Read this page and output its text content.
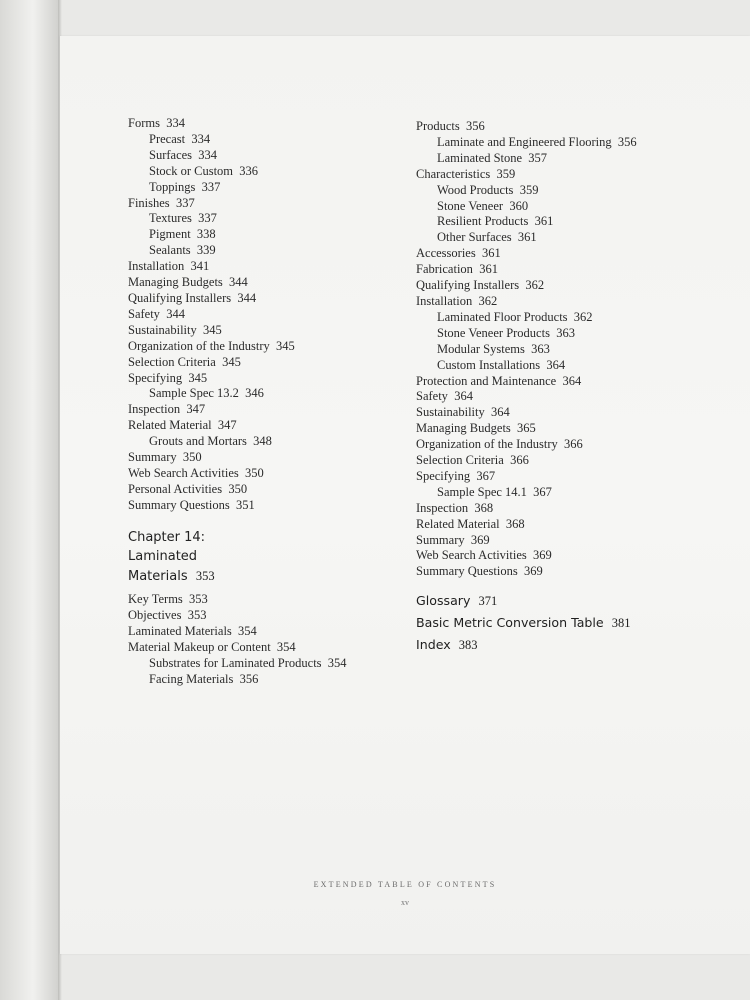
Forms 334
Precast 334
Surfaces 334
Stock or Custom 336
Toppings 337
Finishes 337
Textures 337
Pigment 338
Sealants 339
Installation 341
Managing Budgets 344
Qualifying Installers 344
Safety 344
Sustainability 345
Organization of the Industry 345
Selection Criteria 345
Specifying 345
Sample Spec 13.2 346
Inspection 347
Related Material 347
Grouts and Mortars 348
Summary 350
Web Search Activities 350
Personal Activities 350
Summary Questions 351
Chapter 14:
Laminated
Materials 353
Key Terms 353
Objectives 353
Laminated Materials 354
Material Makeup or Content 354
Substrates for Laminated Products 354
Facing Materials 356
Products 356
Laminate and Engineered Flooring 356
Laminated Stone 357
Characteristics 359
Wood Products 359
Stone Veneer 360
Resilient Products 361
Other Surfaces 361
Accessories 361
Fabrication 361
Qualifying Installers 362
Installation 362
Laminated Floor Products 362
Stone Veneer Products 363
Modular Systems 363
Custom Installations 364
Protection and Maintenance 364
Safety 364
Sustainability 364
Managing Budgets 365
Organization of the Industry 366
Selection Criteria 366
Specifying 367
Sample Spec 14.1 367
Inspection 368
Related Material 368
Summary 369
Web Search Activities 369
Summary Questions 369
Glossary 371
Basic Metric Conversion Table 381
Index 383
EXTENDED TABLE OF CONTENTS
xv
